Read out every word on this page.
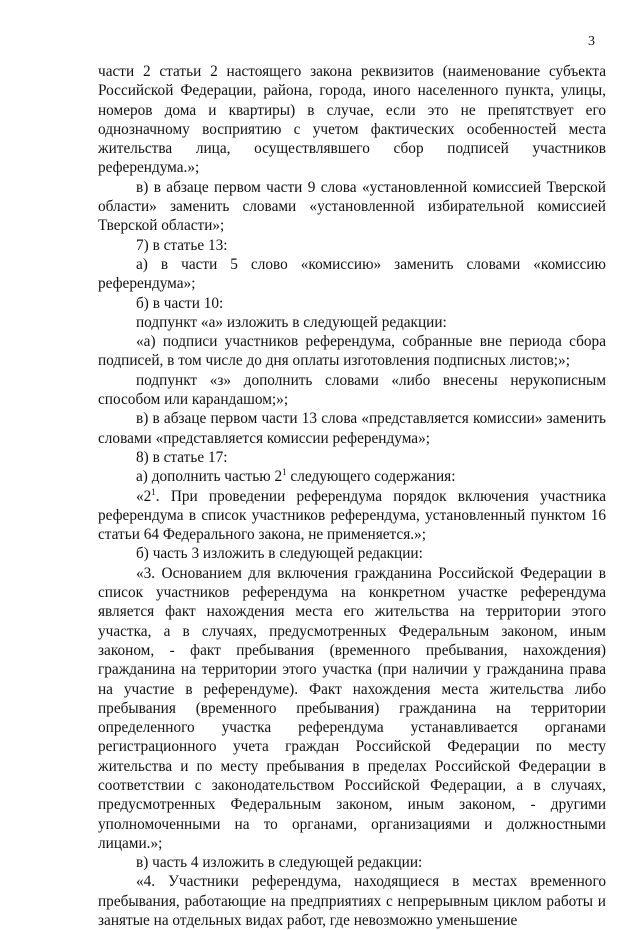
3

части 2 статьи 2 настоящего закона реквизитов (наименование субъекта Российской Федерации, района, города, иного населенного пункта, улицы, номеров дома и квартиры) в случае, если это не препятствует его однозначному восприятию с учетом фактических особенностей места жительства лица, осуществлявшего сбор подписей участников референдума.»;

в) в абзаце первом части 9 слова «установленной комиссией Тверской области» заменить словами «установленной избирательной комиссией Тверской области»;

7) в статье 13:

а) в части 5 слово «комиссию» заменить словами «комиссию референдума»;

б) в части 10:

подпункт «а» изложить в следующей редакции:

«а) подписи участников референдума, собранные вне периода сбора подписей, в том числе до дня оплаты изготовления подписных листов;»;

подпункт «з» дополнить словами «либо внесены нерукописным способом или карандашом;»;

в) в абзаце первом части 13 слова «представляется комиссии» заменить словами «представляется комиссии референдума»;

8) в статье 17:

а) дополнить частью $2^1$ следующего содержания:

«$2^1$. При проведении референдума порядок включения участника референдума в список участников референдума, установленный пунктом 16 статьи 64 Федерального закона, не применяется.»;

б) часть 3 изложить в следующей редакции:

«3. Основанием для включения гражданина Российской Федерации в список участников референдума на конкретном участке референдума является факт нахождения места его жительства на территории этого участка, а в случаях, предусмотренных Федеральным законом, иным законом, - факт пребывания (временного пребывания, нахождения) гражданина на территории этого участка (при наличии у гражданина права на участие в референдуме). Факт нахождения места жительства либо пребывания (временного пребывания) гражданина на территории определенного участка референдума устанавливается органами регистрационного учета граждан Российской Федерации по месту жительства и по месту пребывания в пределах Российской Федерации в соответствии с законодательством Российской Федерации, а в случаях, предусмотренных Федеральным законом, иным законом, - другими уполномоченными на то органами, организациями и должностными лицами.»;

в) часть 4 изложить в следующей редакции:

«4. Участники референдума, находящиеся в местах временного пребывания, работающие на предприятиях с непрерывным циклом работы и занятые на отдельных видах работ, где невозможно уменьшение
